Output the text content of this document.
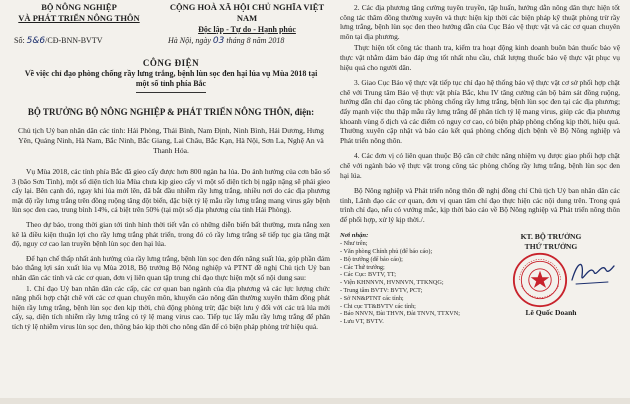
BỘ NÔNG NGHIỆP
VÀ PHÁT TRIỂN NÔNG THÔN
CỘNG HOÀ XÃ HỘI CHỦ NGHĨA VIỆT NAM
Độc lập - Tự do - Hạnh phúc
Số: 5&6/CĐ-BNN-BVTV	Hà Nội, ngày 03 tháng 8 năm 2018
CÔNG ĐIỆN
Về việc chỉ đạo phòng chống rầy lưng trắng, bệnh lùn sọc đen hại lúa vụ Mùa 2018 tại một số tỉnh phía Bắc
BỘ TRƯỞNG BỘ NÔNG NGHIỆP & PHÁT TRIỂN NÔNG THÔN, điện:
Chủ tịch Uỷ ban nhân dân các tỉnh: Hải Phòng, Thái Bình, Nam Định, Ninh Bình, Hải Dương, Hưng Yên, Quảng Ninh, Hà Nam, Bắc Ninh, Bắc Giang, Lai Châu, Bắc Kạn, Hà Nội, Sơn La, Nghệ An và Thanh Hóa.

Vụ Mùa 2018, các tỉnh phía Bắc đã gieo cấy được hơn 800 ngàn ha lúa. Do ảnh hưởng của cơn bão số 3 (bão Sơn Tinh), một số diện tích lúa Mùa chưa kịp gieo cấy vì một số diện tích bị ngập nặng sẽ phải gieo cấy lại. Bên cạnh đó, ngay khi lúa mới lên, đã bắt đầu nhiễm rầy lưng trắng, nhiều nơi do các địa phương mật độ rầy lưng trắng trên đồng ruộng tăng đột biến, đặc biệt tỷ lệ mẫu rầy lưng trắng mang virus gây bệnh lùn sọc đen cao, trung bình 14%, cá biệt trên 50% (tại một số địa phương của tỉnh Hải Phòng).

Theo dự báo, trong thời gian tới tình hình thời tiết vẫn có những diễn biến bất thường, mưa nắng xen kẽ là điều kiện thuận lợi cho rầy lưng trắng phát triển, trong đó có rầy lưng trắng sẽ tiếp tục gia tăng mật độ, nguy cơ cao lan truyền bệnh lùn sọc đen hại lúa.

Để hạn chế thấp nhất ảnh hưởng của rầy lưng trắng, bệnh lùn sọc đen đến năng suất lúa, góp phần đảm bảo thắng lợi sản xuất lúa vụ Mùa 2018, Bộ trưởng Bộ Nông nghiệp và PTNT đề nghị Chủ tịch Uỷ ban nhân dân các tỉnh và các cơ quan, đơn vị liên quan tập trung chỉ đạo thực hiện một số nội dung sau:

1. Chỉ đạo Uỷ ban nhân dân các cấp, các cơ quan ban ngành của địa phương và các lực lượng chức năng phối hợp chặt chẽ với các cơ quan chuyên môn, khuyến cáo nông dân thường xuyên thăm đồng phát hiện rầy lưng trắng, bệnh lùn sọc đen kịp thời, chủ động phòng trừ; đặc biệt lưu ý đối với các trà lúa mới cấy, sạ, diện tích nhiễm rầy lưng trắng có tỷ lệ mang virus cao. Tiếp tục lấy mẫu rầy lưng trắng để phân tích tỷ lệ nhiễm virus lùn sọc đen, thông báo kịp thời cho nông dân để có biện pháp phòng trừ hiệu quả.

2. Các địa phương tăng cường tuyên truyền, tập huấn, hướng dẫn nông dân thực hiện tốt công tác thăm đồng thường xuyên và thực hiện kịp thời các biện pháp kỹ thuật phòng trừ rầy lưng trắng, bệnh lùn sọc đen theo hướng dẫn của Cục Bảo vệ thực vật và các cơ quan chuyên môn tại địa phương.

Thực hiện tốt công tác thanh tra, kiểm tra hoạt động kinh doanh buôn bán thuốc bảo vệ thực vật nhằm đảm bảo đáp ứng tốt nhất nhu cầu, chất lượng thuốc bảo vệ thực vật phục vụ hiệu quả cho người dân.

3. Giao Cục Bảo vệ thực vật tiếp tục chỉ đạo hệ thống bảo vệ thực vật cơ sở phối hợp chặt chẽ với Trung tâm Bảo vệ thực vật phía Bắc, khu IV tăng cường cán bộ bám sát đồng ruộng, hướng dẫn chỉ đạo công tác phòng chống rầy lưng trắng, bệnh lùn sọc đen tại các địa phương; đẩy mạnh việc thu thập mẫu rầy lưng trắng để phân tích tỷ lệ mang virus, giúp các địa phương khoanh vùng ổ dịch và các điểm có nguy cơ cao, có biện pháp phòng chống kịp thời, hiệu quả. Thường xuyên cập nhật và báo cáo kết quả phòng chống dịch bệnh về Bộ Nông nghiệp và Phát triển nông thôn.

4. Các đơn vị có liên quan thuộc Bộ căn cứ chức năng nhiệm vụ được giao phối hợp chặt chẽ với ngành bảo vệ thực vật trong công tác phòng chống rầy lưng trắng, bệnh lùn sọc đen hại lúa.

Bộ Nông nghiệp và Phát triển nông thôn đề nghị đồng chí Chủ tịch Uỷ ban nhân dân các tỉnh, Lãnh đạo các cơ quan, đơn vị quan tâm chỉ đạo thực hiện các nội dung trên. Trong quá trình chỉ đạo, nếu có vướng mắc, kịp thời báo cáo về Bộ Nông nghiệp và Phát triển nông thôn để phối hợp, xử lý kịp thời./.

Nơi nhận:
- Như trên;
- Văn phòng Chính phủ (để báo cáo);
- Bộ trưởng (để báo cáo);
- Các Thứ trưởng;
- Các Cục: BVTV, TT;
- Viện KHNNVN, HVNNVN, TTKNQG;
- Trung tâm BVTV: BVTV, PCT;
- Sở NN&PTNT các tỉnh;
- Chi cục TT&BVTV các tỉnh;
- Báo NNVN, Đài THVN, Đài TNVN, TTXVN;
- Lưu VT, BVTV.
KT. BỘ TRƯỞNG
THỨ TRƯỞNG
Lê Quốc Doanh
